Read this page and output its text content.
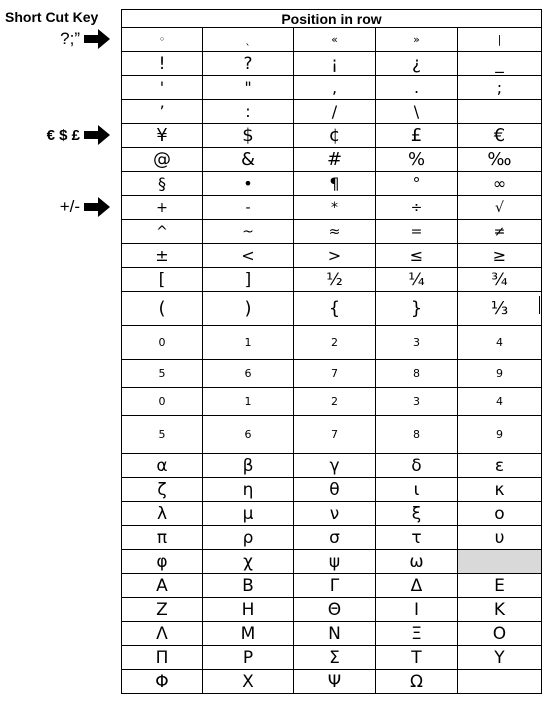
Short Cut Key
?;”
€ $ £
+/-
Position in row				
◦	ˎ	«	»	|
!	?	¡	¿	_
'	"	,	.	;
’	:	/	\	
¥	$	¢	£	€
@	&	#	%	‰
§	•	¶	°	∞
+	-	*	÷	√
^	~	≈	=	≠
±	<	>	≤	≥
[	]	½	¼	¾
(	)	{	}	⅓
0	1	2	3	4
5	6	7	8	9
0	1	2	3	4
5	6	7	8	9
α	β	γ	δ	ε
ζ	η	θ	ι	κ
λ	μ	ν	ξ	ο
π	ρ	σ	τ	υ
φ	χ	ψ	ω	
Α	Β	Γ	Δ	Ε
Ζ	Η	Θ	Ι	Κ
Λ	Μ	Ν	Ξ	Ο
Π	Ρ	Σ	Τ	Υ
Φ	Χ	Ψ	Ω	
